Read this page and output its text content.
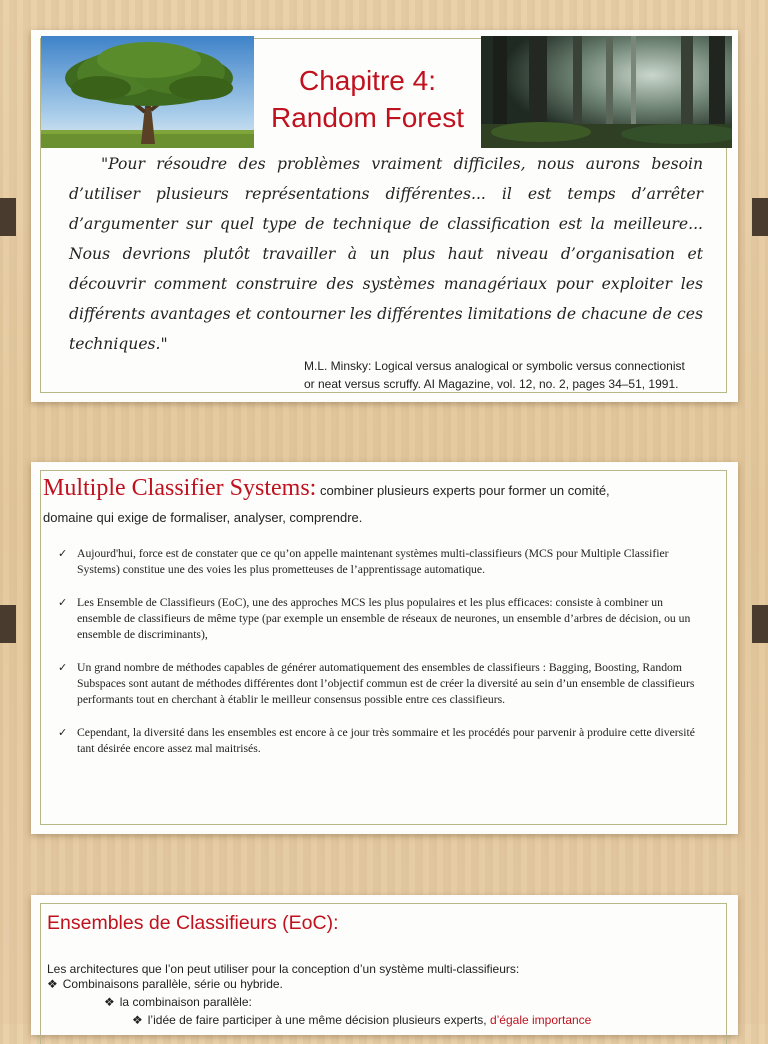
Chapitre 4:
Random Forest

"Pour résoudre des problèmes vraiment difficiles, nous aurons besoin d’utiliser plusieurs représentations différentes... il est temps d’arrêter d’argumenter sur quel type de technique de classification est la meilleure... Nous devrions plutôt travailler à un plus haut niveau d’organisation et découvrir comment construire des systèmes managériaux pour exploiter les différents avantages et contourner les différentes limitations de chacune de ces techniques."

M.L. Minsky: Logical versus analogical or symbolic versus connectionist
or neat versus scruffy. AI Magazine, vol. 12, no. 2, pages 34–51, 1991.
Multiple Classifier Systems: combiner plusieurs experts pour former un comité,
domaine qui exige de formaliser, analyser, comprendre.
✓ Aujourd'hui, force est de constater que ce qu’on appelle maintenant systèmes multi-classifieurs (MCS pour Multiple Classifier Systems) constitue une des voies les plus prometteuses de l’apprentissage automatique.
✓ Les Ensemble de Classifieurs (EoC), une des approches MCS les plus populaires et les plus efficaces: consiste à combiner un ensemble de classifieurs de même type (par exemple un ensemble de réseaux de neurones, un ensemble d’arbres de décision, ou un ensemble de discriminants),
✓ Un grand nombre de méthodes capables de générer automatiquement des ensembles de classifieurs : Bagging, Boosting, Random Subspaces sont autant de méthodes différentes dont l’objectif commun est de créer la diversité au sein d’un ensemble de classifieurs performants tout en cherchant à établir le meilleur consensus possible entre ces classifieurs.
✓ Cependant, la diversité dans les ensembles est encore à ce jour très sommaire et les procédés pour parvenir à produire cette diversité tant désirée encore assez mal maitrisés.
Ensembles de Classifieurs (EoC):
Les architectures que l’on peut utiliser pour la conception d’un système multi-classifieurs:
❖ Combinaisons parallèle, série ou hybride.
❖ la combinaison parallèle:
❖ l’idée de faire participer à une même décision plusieurs experts, d’égale importance
